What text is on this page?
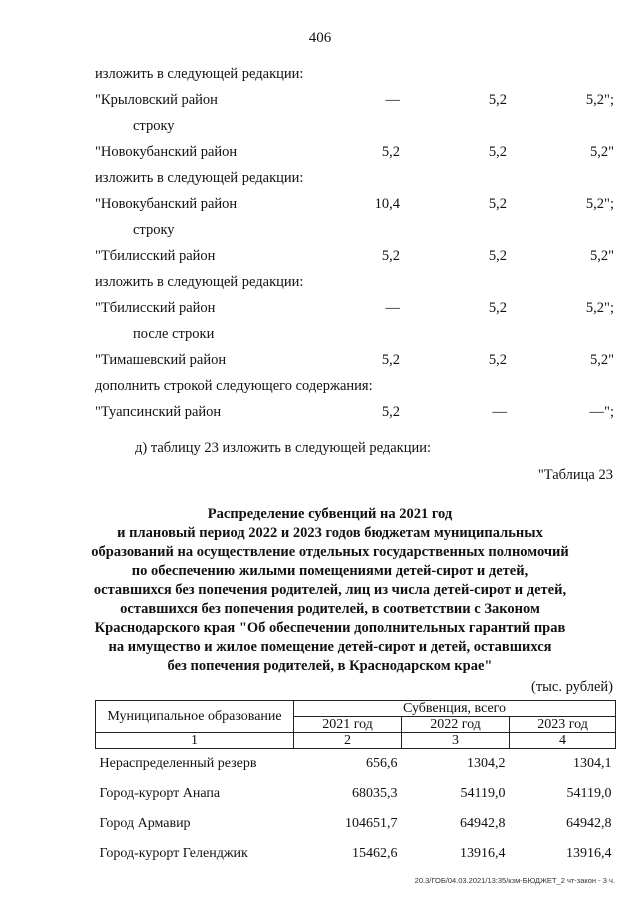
406
изложить в следующей редакции:
"Крыловский район	—	5,2	5,2";
строку
"Новокубанский район	5,2	5,2	5,2"
изложить в следующей редакции:
"Новокубанский район	10,4	5,2	5,2";
строку
"Тбилисский район	5,2	5,2	5,2"
изложить в следующей редакции:
"Тбилисский район	—	5,2	5,2";
после строки
"Тимашевский район	5,2	5,2	5,2"
дополнить строкой следующего содержания:
"Туапсинский район	5,2	—	—";
д) таблицу 23 изложить в следующей редакции:
"Таблица 23
Распределение субвенций на 2021 год
и плановый период 2022 и 2023 годов бюджетам муниципальных
образований на осуществление отдельных государственных полномочий
по обеспечению жилыми помещениями детей-сирот и детей,
оставшихся без попечения родителей, лиц из числа детей-сирот и детей,
оставшихся без попечения родителей, в соответствии с Законом
Краснодарского края "Об обеспечении дополнительных гарантий прав
на имущество и жилое помещение детей-сирот и детей, оставшихся
без попечения родителей, в Краснодарском крае"
(тыс. рублей)
Муниципальное образование	Субвенция, всего		
	2021 год	2022 год	2023 год
1	2	3	4
Нераспределенный резерв	656,6	1304,2	1304,1
Город-курорт Анапа	68035,3	54119,0	54119,0
Город Армавир	104651,7	64942,8	64942,8
Город-курорт Геленджик	15462,6	13916,4	13916,4
20.3/ГОБ/04.03.2021/13:35/кзм-БЮДЖЕТ_2 чт-закон - 3 ч.
